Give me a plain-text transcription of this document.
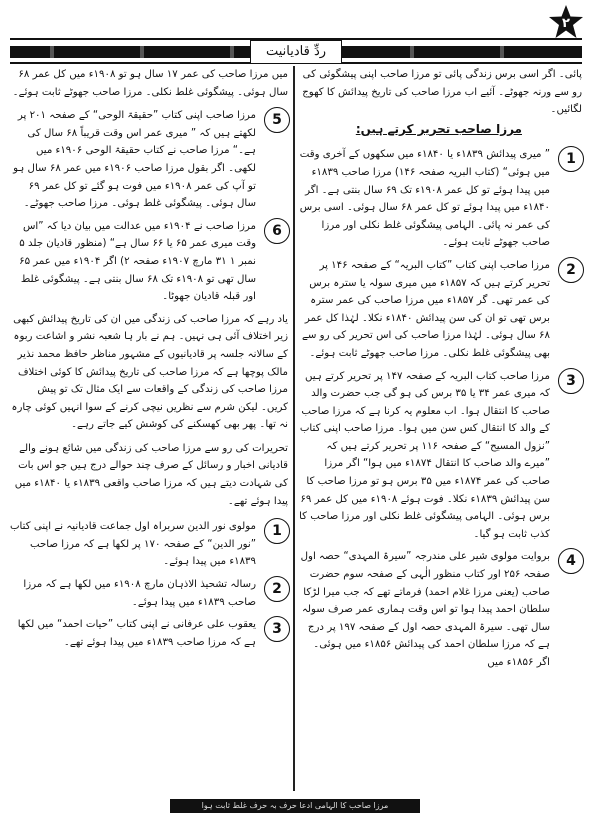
۲
ردِّ قادیانیت

پائی۔ اگر اسی برس زندگی پائی تو مرزا صاحب اپنی پیشگوئی کی رو سے ورنہ جھوٹے۔ آئیے اب مرزا صاحب کی تاریخ پیدائش کا کھوج لگائیں۔

مرزا صاحب تحریر کرتے ہیں:
1

” میری پیدائش ۱۸۳۹ء یا ۱۸۴۰ء میں سکھوں کے آخری وقت میں ہوئی“ (کتاب البریہ صفحہ ۱۴۶) مرزا صاحب ۱۸۳۹ء میں پیدا ہوئے تو کل عمر ۱۹۰۸ء تک ۶۹ سال بنتی ہے۔ اگر ۱۸۴۰ء میں پیدا ہوئے تو کل عمر ۶۸ سال ہوئی۔ اسی برس کی عمر نہ پائی۔ الہامی پیشگوئی غلط نکلی اور مرزا صاحب جھوٹے ثابت ہوئے۔

2

مرزا صاحب اپنی کتاب ”کتاب البریہ“ کے صفحہ ۱۴۶ پر تحریر کرتے ہیں کہ ۱۸۵۷ء میں میری سولہ یا سترہ برس کی عمر تھی۔ گر ۱۸۵۷ء میں مرزا صاحب کی عمر سترہ برس تھی تو ان کی سن پیدائش ۱۸۴۰ء نکلا۔ لہٰذا کل عمر ۶۸ سال ہوئی۔ لہٰذا مرزا صاحب کی اس تحریر کی رو سے بھی پیشگوئی غلط نکلی۔ مرزا صاحب جھوٹے ثابت ہوئے۔

3

مرزا صاحب کتاب البریہ کے صفحہ ۱۴۷ پر تحریر کرتے ہیں کہ میری عمر ۳۴ یا ۳۵ برس کی ہو گی جب حضرت والد صاحب کا انتقال ہوا۔ اب معلوم یہ کرنا ہے کہ مرزا صاحب کے والد کا انتقال کس سن میں ہوا۔ مرزا صاحب اپنی کتاب ”نزول المسیح“ کے صفحہ ۱۱۶ پر تحریر کرتے ہیں کہ ”میرے والد صاحب کا انتقال ۱۸۷۴ء میں ہوا“ اگر مرزا صاحب کی عمر ۱۸۷۴ء میں ۳۵ برس ہو تو مرزا صاحب کا سن پیدائش ۱۸۳۹ء نکلا۔ فوت ہوئے ۱۹۰۸ء میں کل عمر ۶۹ برس ہوئی۔ الہامی پیشگوئی غلط نکلی اور مرزا صاحب کا کذب ثابت ہو گیا۔

4

بروایت مولوی شیر علی مندرجہ ”سیرۃ المہدی“ حصہ اول صفحہ ۲۵۶ اور کتاب منظور الٰہی کے صفحہ سوم حضرت صاحب (یعنی مرزا غلام احمد) فرماتے تھے کہ جب میرا لڑکا سلطان احمد پیدا ہوا تو اس وقت ہماری عمر صرف سولہ سال تھی۔ سیرۃ المہدی حصہ اول کے صفحہ ۱۹۷ پر درج ہے کہ مرزا سلطان احمد کی پیدائش ۱۸۵۶ء میں ہوئی۔ اگر ۱۸۵۶ء میں

میں مرزا صاحب کی عمر ۱۷ سال ہو تو ۱۹۰۸ء میں کل عمر ۶۸ سال ہوئی۔ پیشگوئی غلط نکلی۔ مرزا صاحب جھوٹے ثابت ہوئے۔

5

مرزا صاحب اپنی کتاب ”حقیقۃ الوحی“ کے صفحہ ۲۰۱ پر لکھتے ہیں کہ ” میری عمر اس وقت قریباً ۶۸ سال کی ہے۔“ مرزا صاحب نے کتاب حقیقۃ الوحی ۱۹۰۶ء میں لکھی۔ اگر بقول مرزا صاحب ۱۹۰۶ء میں عمر ۶۸ سال ہو تو آپ کی عمر ۱۹۰۸ء میں فوت ہو گئے تو کل عمر ۶۹ سال ہوئی۔ پیشگوئی غلط ہوئی۔ مرزا صاحب جھوٹے۔

6

مرزا صاحب نے ۱۹۰۴ء میں عدالت میں بیان دیا کہ ”اس وقت میری عمر ۶۵ یا ۶۶ سال ہے“ (منظور قادیان جلد ۵ نمبر ۱ ۳۱ مارچ ۱۹۰۷ء صفحہ ۲) اگر ۱۹۰۴ء میں عمر ۶۵ سال تھی تو ۱۹۰۸ء تک ۶۸ سال بنتی ہے۔ پیشگوئی غلط اور قبلہ قادیان جھوٹا۔

یاد رہے کہ مرزا صاحب کی زندگی میں ان کی تاریخ پیدائش کبھی زیر اختلاف آئی ہی نہیں۔ ہم نے بار ہا شعبہ نشر و اشاعت ربوہ کے سالانہ جلسہ پر قادیانیوں کے مشہور مناظر حافظ محمد نذیر مالک پوچھا ہے کہ مرزا صاحب کی تاریخ پیدائش کا کوئی اختلاف مرزا صاحب کی زندگی کے واقعات سے ایک مثال تک تو پیش کریں۔ لیکن شرم سے نظریں نیچی کرنے کے سوا انہیں کوئی چارہ نہ تھا۔ پھر بھی کھسکنے کی کوشش کیے جاتے رہے۔

تحریرات کی رو سے مرزا صاحب کی زندگی میں شائع ہونے والے قادیانی اخبار و رسائل کے صرف چند حوالے درج ہیں جو اس بات کی شہادت دیتے ہیں کہ مرزا صاحب واقعی ۱۸۳۹ء یا ۱۸۴۰ء میں پیدا ہوئے تھے۔

1

مولوی نور الدین سربراہ اول جماعت قادیانیہ نے اپنی کتاب ”نور الدین“ کے صفحہ ۱۷۰ پر لکھا ہے کہ مرزا صاحب ۱۸۳۹ء میں پیدا ہوئے۔

2

رسالہ تشحیذ الاذہان مارچ ۱۹۰۸ء میں لکھا ہے کہ مرزا صاحب ۱۸۳۹ء میں پیدا ہوئے۔

3

یعقوب علی عرفانی نے اپنی کتاب ”حیات احمد“ میں لکھا ہے کہ مرزا صاحب ۱۸۳۹ء میں پیدا ہوئے تھے۔

مرزا صاحب کا الہامی ادعا حرف بہ حرف غلط ثابت ہوا
